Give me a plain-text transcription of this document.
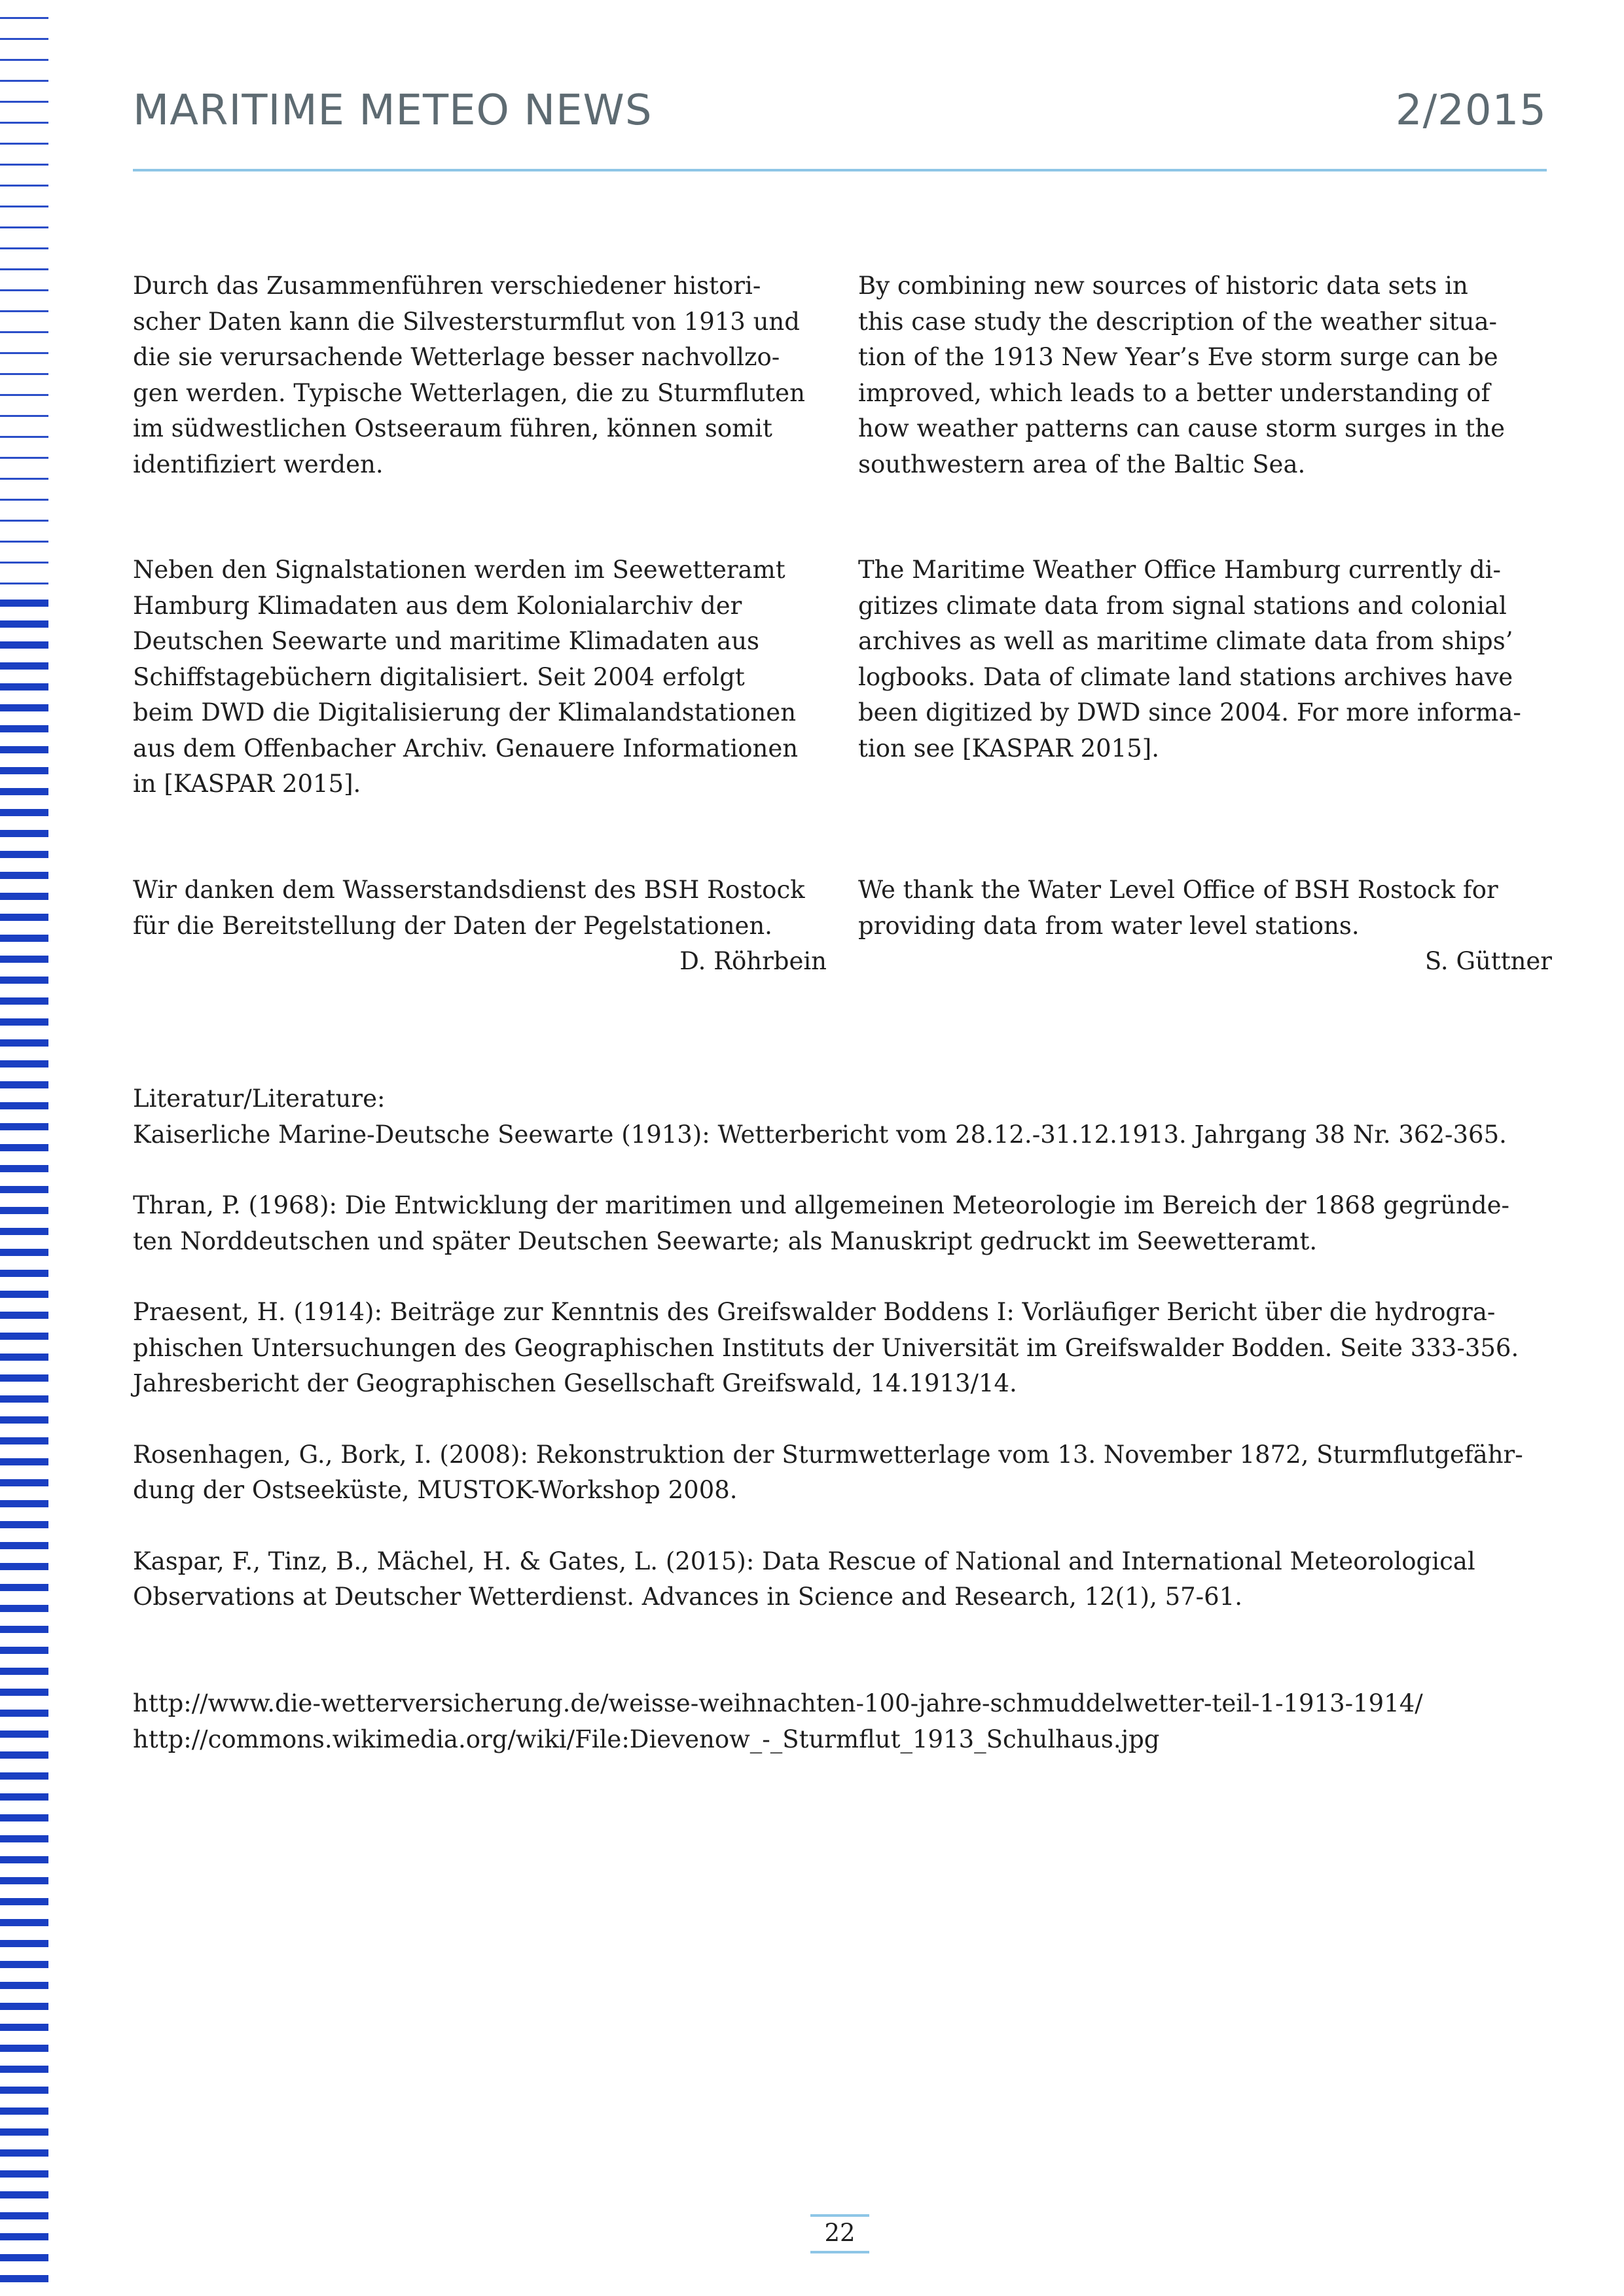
MARITIME METEO NEWS	2/2015

Durch das Zusammenführen verschiedener histori-
scher Daten kann die Silvestersturmflut von 1913 und
die sie verursachende Wetterlage besser nachvollzo-
gen werden. Typische Wetterlagen, die zu Sturmfluten
im südwestlichen Ostseeraum führen, können somit
identifiziert werden.

By combining new sources of historic data sets in
this case study the description of the weather situa-
tion of the 1913 New Year’s Eve storm surge can be
improved, which leads to a better understanding of
how weather patterns can cause storm surges in the
southwestern area of the Baltic Sea.

Neben den Signalstationen werden im Seewetteramt
Hamburg Klimadaten aus dem Kolonialarchiv der
Deutschen Seewarte und maritime Klimadaten aus
Schiffstagebüchern digitalisiert. Seit 2004 erfolgt
beim DWD die Digitalisierung der Klimalandstationen
aus dem Offenbacher Archiv. Genauere Informationen
in [KASPAR 2015].

The Maritime Weather Office Hamburg currently di-
gitizes climate data from signal stations and colonial
archives as well as maritime climate data from ships’
logbooks. Data of climate land stations archives have
been digitized by DWD since 2004. For more informa-
tion see [KASPAR 2015].

Wir danken dem Wasserstandsdienst des BSH Rostock
für die Bereitstellung der Daten der Pegelstationen.

D. Röhrbein

We thank the Water Level Office of BSH Rostock for
providing data from water level stations.

S. Güttner

Literatur/Literature:

Kaiserliche Marine-Deutsche Seewarte (1913): Wetterbericht vom 28.12.-31.12.1913. Jahrgang 38 Nr. 362-365.

Thran, P. (1968): Die Entwicklung der maritimen und allgemeinen Meteorologie im Bereich der 1868 gegründe-
ten Norddeutschen und später Deutschen Seewarte; als Manuskript gedruckt im Seewetteramt.

Praesent, H. (1914): Beiträge zur Kenntnis des Greifswalder Boddens I: Vorläufiger Bericht über die hydrogra-
phischen Untersuchungen des Geographischen Instituts der Universität im Greifswalder Bodden. Seite 333-356.
Jahresbericht der Geographischen Gesellschaft Greifswald, 14.1913/14.

Rosenhagen, G., Bork, I. (2008): Rekonstruktion der Sturmwetterlage vom 13. November 1872, Sturmflutgefähr-
dung der Ostseeküste, MUSTOK-Workshop 2008.

Kaspar, F., Tinz, B., Mächel, H. & Gates, L. (2015): Data Rescue of National and International Meteorological
Observations at Deutscher Wetterdienst. Advances in Science and Research, 12(1), 57-61.

http://www.die-wetterversicherung.de/weisse-weihnachten-100-jahre-schmuddelwetter-teil-1-1913-1914/
http://commons.wikimedia.org/wiki/File:Dievenow_-_Sturmflut_1913_Schulhaus.jpg
22
